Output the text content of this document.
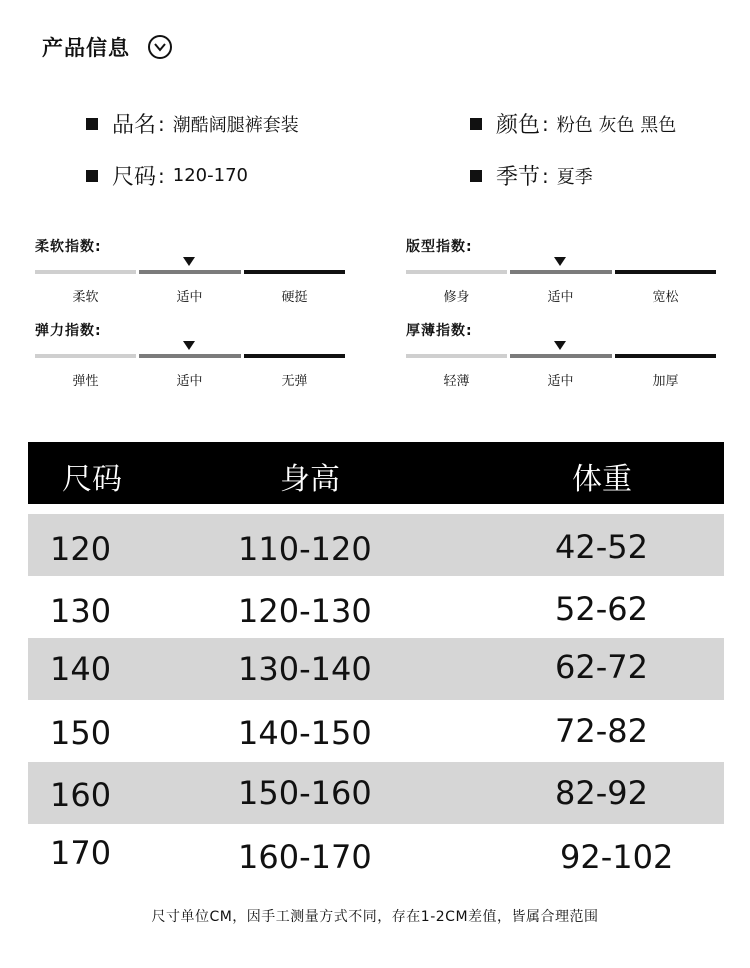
产品信息
品名 : 潮酷阔腿裤套装	颜色 : 粉色 灰色 黑色
尺码 : 120-170	季节 : 夏季
柔软指数:
柔软	适中	硬挺
版型指数:
修身	适中	宽松
弹力指数:
弹性	适中	无弹
厚薄指数:
轻薄	适中	加厚
尺码	身高	体重
120	110-120	42-52
130	120-130	52-62
140	130-140	62-72
150	140-150	72-82
160	150-160	82-92
170	160-170	92-102
尺寸单位CM，因手工测量方式不同，存在1-2CM差值，皆属合理范围
